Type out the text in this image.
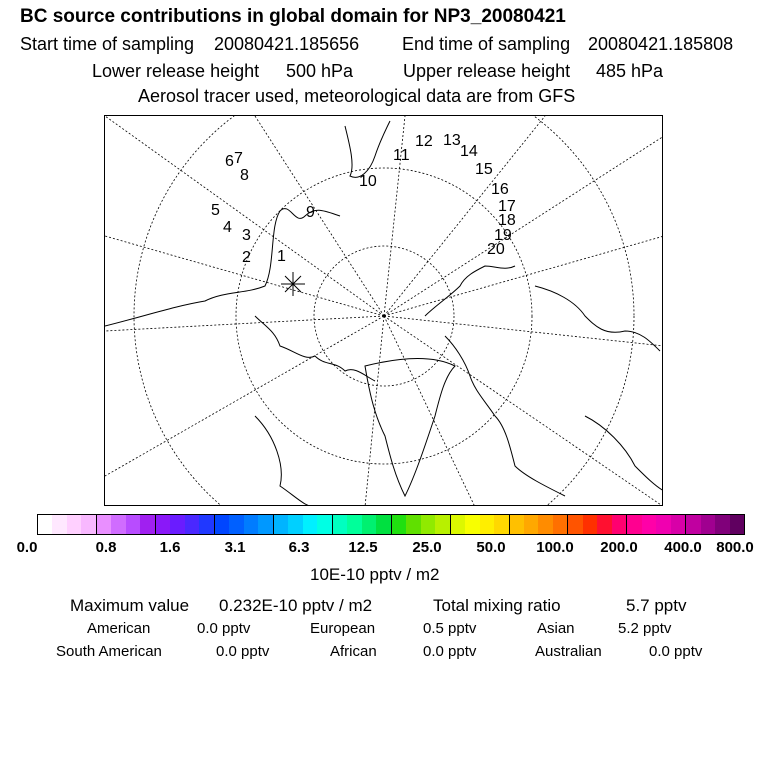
BC source contributions in global domain for NP3_20080421
Start time of sampling 20080421.185656 End time of sampling 20080421.185808
Lower release height 500 hPa	Upper release height 485 hPa
Aerosol tracer used, meteorological data are from GFS
1
2
3
4
5
6 7
8
9
10
11
12 13
14
15
16
17
18
19
20
0.0	0.8	1.6	3.1	6.3	12.5 25.0 50.0 100.0 200.0 400.0 800.0
10E-10 pptv / m2
Maximum value 0.232E-10 pptv / m2	Total mixing ratio	5.7 pptv
American	0.0 pptv	European	0.5 pptv	Asian	5.2 pptv
South American	0.0 pptv	African	0.0 pptv	Australian	0.0 pptv
